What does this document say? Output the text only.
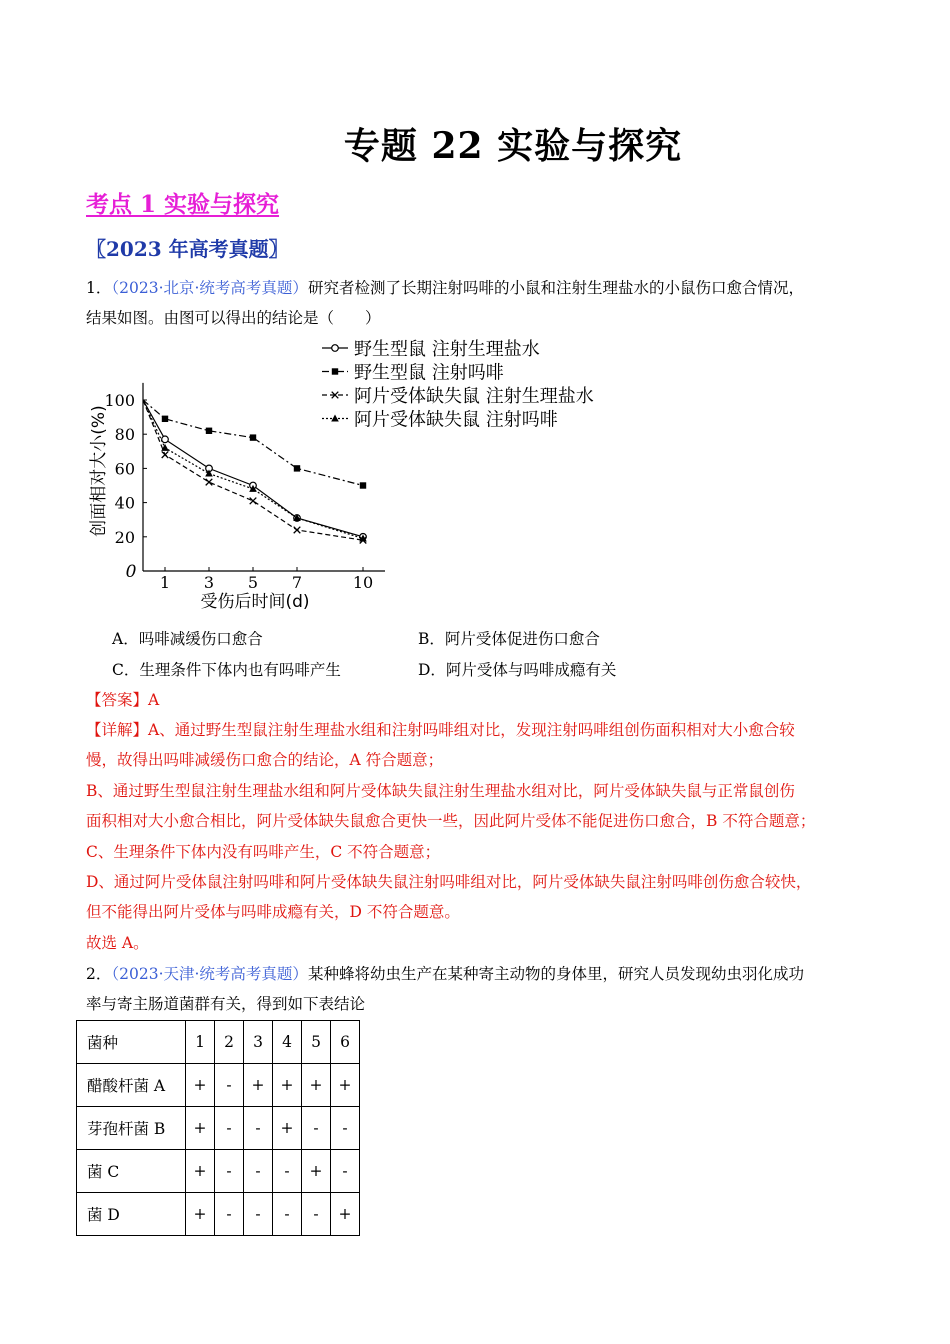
专题 22 实验与探究
考点 1 实验与探究
〖2023 年高考真题〗
1．（2023·北京·统考高考真题）研究者检测了长期注射吗啡的小鼠和注射生理盐水的小鼠伤口愈合情况，
结果如图。由图可以得出的结论是（　　）
0
20
40
60
80
100
1 3 5 7	10
受伤后时间(d)
创面相对大小(%)
野生型鼠 注射生理盐水
野生型鼠 注射吗啡
阿片受体缺失鼠 注射生理盐水
阿片受体缺失鼠 注射吗啡
A．吗啡减缓伤口愈合	B．阿片受体促进伤口愈合
C．生理条件下体内也有吗啡产生	D．阿片受体与吗啡成瘾有关
【答案】A
【详解】A、通过野生型鼠注射生理盐水组和注射吗啡组对比，发现注射吗啡组创伤面积相对大小愈合较
慢，故得出吗啡减缓伤口愈合的结论，A 符合题意；
B、通过野生型鼠注射生理盐水组和阿片受体缺失鼠注射生理盐水组对比，阿片受体缺失鼠与正常鼠创伤
面积相对大小愈合相比，阿片受体缺失鼠愈合更快一些，因此阿片受体不能促进伤口愈合，B 不符合题意；
C、生理条件下体内没有吗啡产生，C 不符合题意；
D、通过阿片受体鼠注射吗啡和阿片受体缺失鼠注射吗啡组对比，阿片受体缺失鼠注射吗啡创伤愈合较快，
但不能得出阿片受体与吗啡成瘾有关，D 不符合题意。
故选 A。
2．（2023·天津·统考高考真题）某种蜂将幼虫生产在某种寄主动物的身体里，研究人员发现幼虫羽化成功
率与寄主肠道菌群有关，得到如下表结论
菌种	1	2	3	4	5	6
醋酸杆菌 A	+	-	+	+	+	+
芽孢杆菌 B	+	-	-	+	-	-
菌 C	+	-	-	-	+	-
菌 D	+	-	-	-	-	+
